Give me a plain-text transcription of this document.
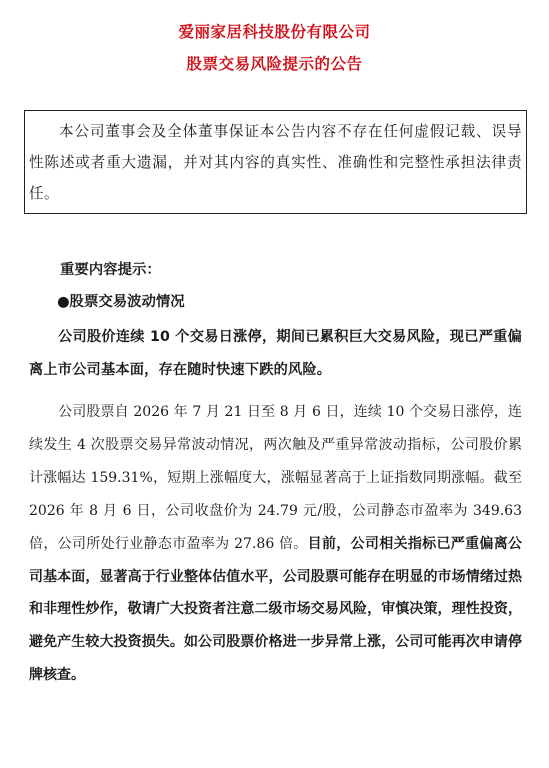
爱丽家居科技股份有限公司
股票交易风险提示的公告
本公司董事会及全体董事保证本公告内容不存在任何虚假记载、误导性陈述或者重大遗漏，并对其内容的真实性、准确性和完整性承担法律责任。
重要内容提示：
●股票交易波动情况
公司股价连续 10 个交易日涨停，期间已累积巨大交易风险，现已严重偏离上市公司基本面，存在随时快速下跌的风险。
公司股票自 2026 年 7 月 21 日至 8 月 6 日，连续 10 个交易日涨停，连续发生 4 次股票交易异常波动情况，两次触及严重异常波动指标，公司股价累计涨幅达 159.31%，短期上涨幅度大，涨幅显著高于上证指数同期涨幅。截至 2026 年 8 月 6 日，公司收盘价为 24.79 元/股，公司静态市盈率为 349.63 倍，公司所处行业静态市盈率为 27.86 倍。目前，公司相关指标已严重偏离公司基本面，显著高于行业整体估值水平，公司股票可能存在明显的市场情绪过热和非理性炒作，敬请广大投资者注意二级市场交易风险，审慎决策，理性投资，避免产生较大投资损失。如公司股票价格进一步异常上涨，公司可能再次申请停牌核查。
